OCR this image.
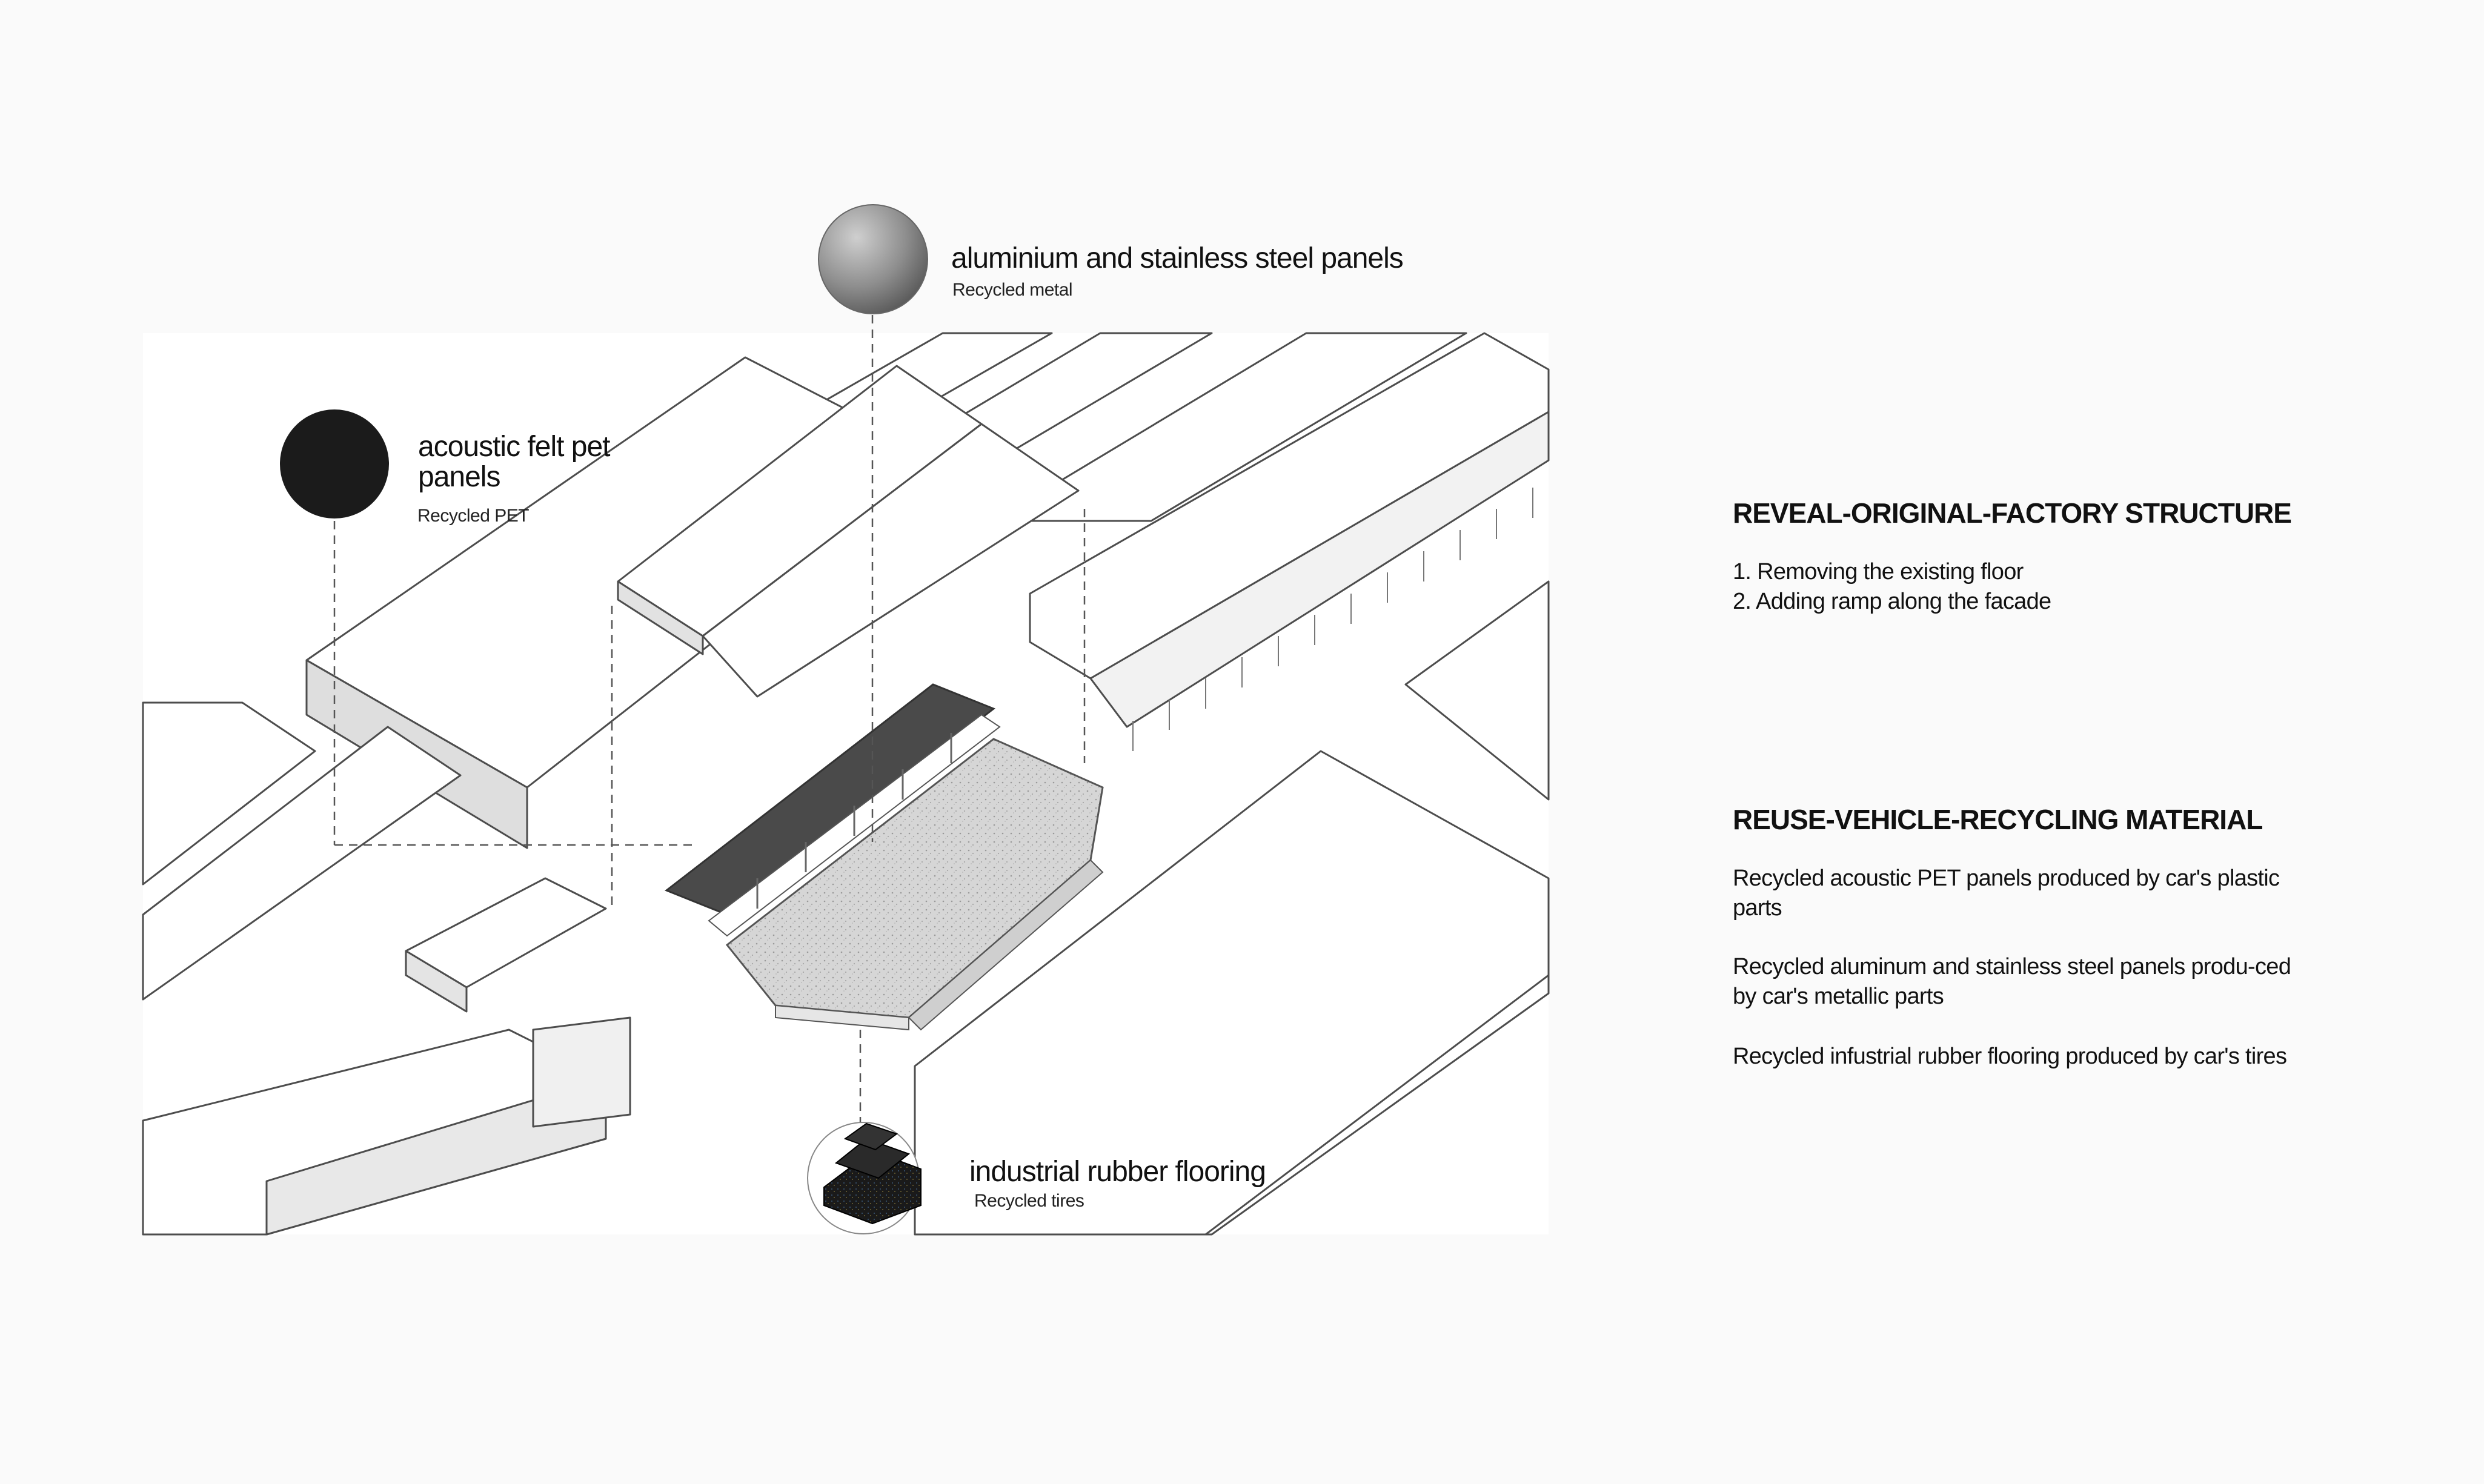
aluminium and stainless steel panels
Recycled metal
acoustic felt pet panels
Recycled PET
industrial rubber flooring
Recycled tires
REVEAL-ORIGINAL-FACTORY STRUCTURE
1. Removing the existing floor
2. Adding ramp along the facade
REUSE-VEHICLE-RECYCLING MATERIAL
Recycled acoustic PET panels produced by car's plastic parts
Recycled aluminum and stainless steel panels produ-ced by car's metallic parts
Recycled infustrial rubber flooring produced by car's tires
